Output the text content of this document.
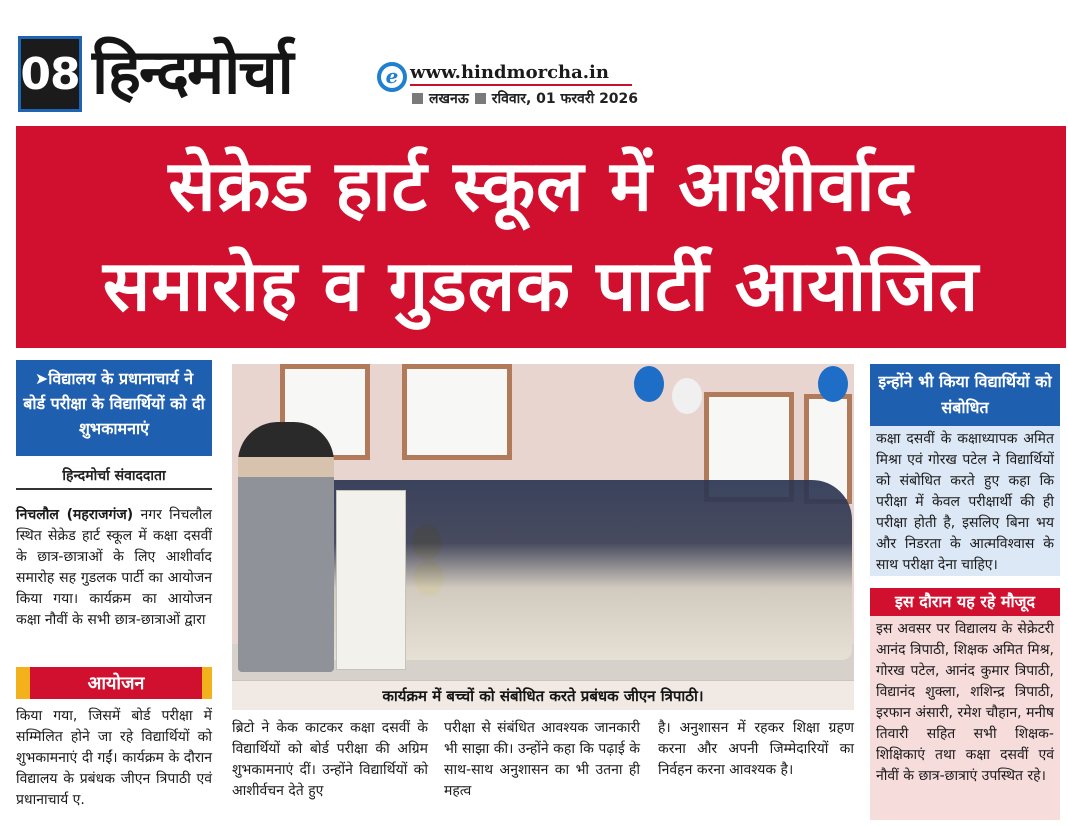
08 हिन्दमोर्चा	e www.hindmorcha.in
लखनऊ रविवार, 01 फरवरी 2026
सेक्रेड हार्ट स्कूल में आशीर्वाद
समारोह व गुडलक पार्टी आयोजित
➤विद्यालय के प्रधानाचार्य ने बोर्ड परीक्षा के विद्यार्थियों को दी शुभकामनाएं
हिन्दमोर्चा संवाददाता
निचलौल (महराजगंज) नगर निचलौल स्थित सेक्रेड हार्ट स्कूल में कक्षा दसवीं के छात्र-छात्राओं के लिए आशीर्वाद समारोह सह गुडलक पार्टी का आयोजन किया गया। कार्यक्रम का आयोजन कक्षा नौवीं के सभी छात्र-छात्राओं द्वारा
आयोजन
किया गया, जिसमें बोर्ड परीक्षा में सम्मिलित होने जा रहे विद्यार्थियों को शुभकामनाएं दी गईं। कार्यक्रम के दौरान विद्यालय के प्रबंधक जीएन त्रिपाठी एवं प्रधानाचार्य ए.
कार्यक्रम में बच्चों को संबोधित करते प्रबंधक जीएन त्रिपाठी।
ब्रिटो ने केक काटकर कक्षा दसवीं के विद्यार्थियों को बोर्ड परीक्षा की अग्रिम शुभकामनाएं दीं। उन्होंने विद्यार्थियों को आशीर्वचन देते हुए
परीक्षा से संबंधित आवश्यक जानकारी भी साझा की। उन्होंने कहा कि पढ़ाई के साथ-साथ अनुशासन का भी उतना ही महत्व
है। अनुशासन में रहकर शिक्षा ग्रहण करना और अपनी जिम्मेदारियों का निर्वहन करना आवश्यक है।
इन्होंने भी किया विद्यार्थियों को संबोधित
कक्षा दसवीं के कक्षाध्यापक अमित मिश्रा एवं गोरख पटेल ने विद्यार्थियों को संबोधित करते हुए कहा कि परीक्षा में केवल परीक्षार्थी की ही परीक्षा होती है, इसलिए बिना भय और निडरता के आत्मविश्वास के साथ परीक्षा देना चाहिए।
इस दौरान यह रहे मौजूद
इस अवसर पर विद्यालय के सेक्रेटरी आनंद त्रिपाठी, शिक्षक अमित मिश्र, गोरख पटेल, आनंद कुमार त्रिपाठी, विद्यानंद शुक्ला, शशिन्द्र त्रिपाठी, इरफान अंसारी, रमेश चौहान, मनीष तिवारी सहित सभी शिक्षक-शिक्षिकाएं तथा कक्षा दसवीं एवं नौवीं के छात्र-छात्राएं उपस्थित रहे।
